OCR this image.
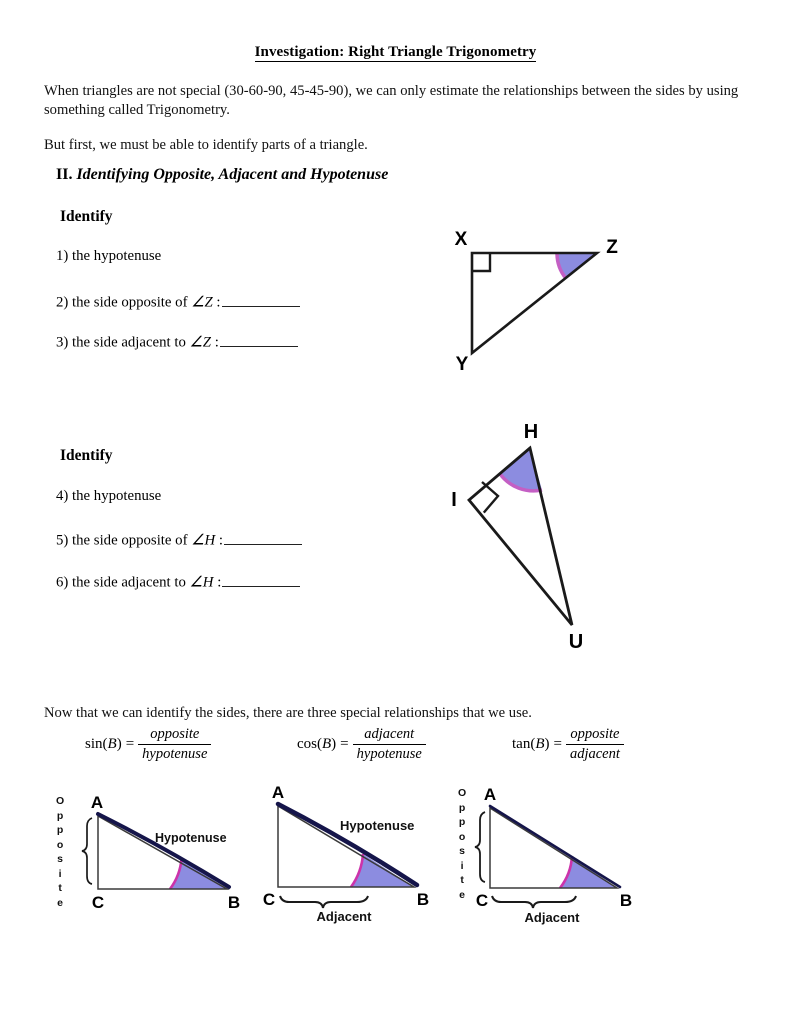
Investigation: Right Triangle Trigonometry
When triangles are not special (30-60-90, 45-45-90), we can only estimate the relationships between the sides by using something called Trigonometry.
But first, we must be able to identify parts of a triangle.
II. Identifying Opposite, Adjacent and Hypotenuse
Identify
1) the hypotenuse
2) the side opposite of ∠Z :
3) the side adjacent to ∠Z :
X
Y
Z
Identify
4) the hypotenuse
5) the side opposite of ∠H :
6) the side adjacent to ∠H :
H
I
U
Now that we can identify the sides, there are three special relationships that we use.
$\sin(B) = \frac{\text{opposite}}{\text{hypotenuse}}$	$\cos(B) = \frac{\text{adjacent}}{\text{hypotenuse}}$	$\tan(B) = \frac{\text{opposite}}{\text{adjacent}}$
O
p
p
o
s
i
t
e
A
C	B
Hypotenuse
A
C	B
Hypotenuse
Adjacent
O
p
p
o
s
i
t
e
A
C	B
Adjacent
